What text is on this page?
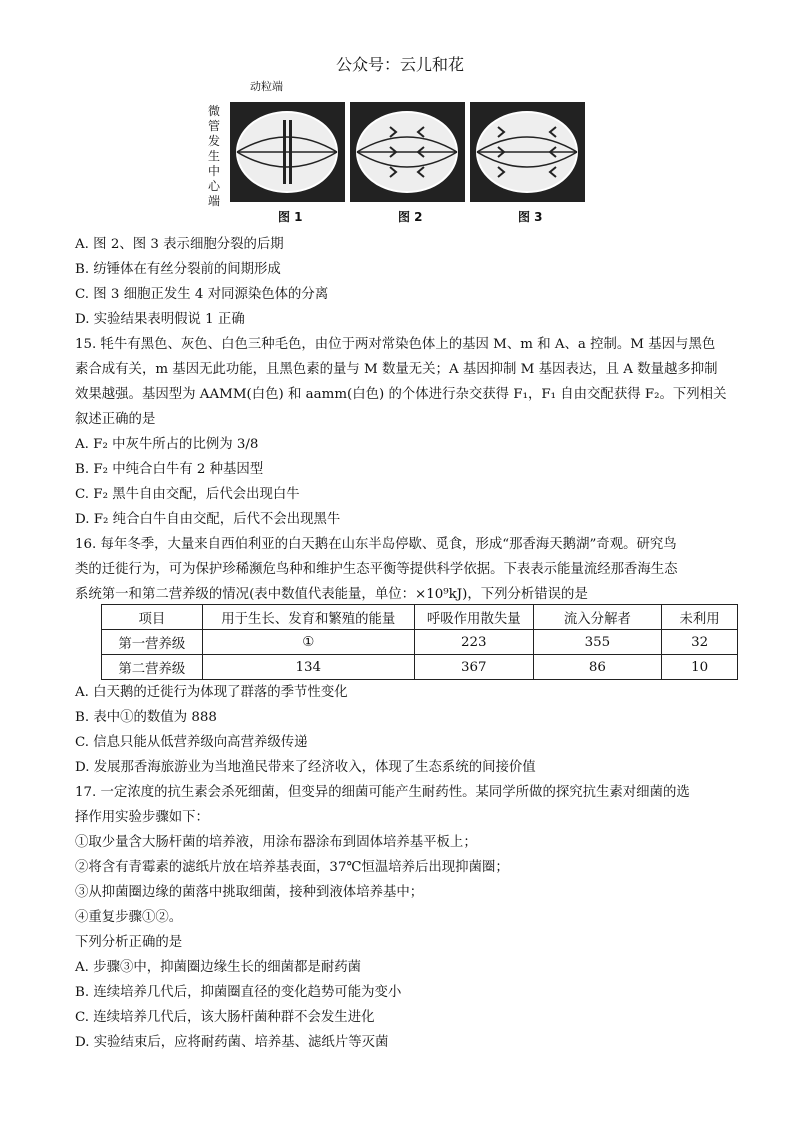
公众号：云儿和花
动粒端
微管发生中心端
图 1	图 2	图 3
A. 图 2、图 3 表示细胞分裂的后期
B. 纺锤体在有丝分裂前的间期形成
C. 图 3 细胞正发生 4 对同源染色体的分离
D. 实验结果表明假说 1 正确
15. 牦牛有黑色、灰色、白色三种毛色，由位于两对常染色体上的基因 M、m 和 A、a 控制。M 基因与黑色
素合成有关，m 基因无此功能，且黑色素的量与 M 数量无关；A 基因抑制 M 基因表达，且 A 数量越多抑制
效果越强。基因型为 AAMM(白色) 和 aamm(白色) 的个体进行杂交获得 F₁，F₁ 自由交配获得 F₂。下列相关
叙述正确的是
A. F₂ 中灰牛所占的比例为 3/8
B. F₂ 中纯合白牛有 2 种基因型
C. F₂ 黑牛自由交配，后代会出现白牛
D. F₂ 纯合白牛自由交配，后代不会出现黑牛
16. 每年冬季，大量来自西伯利亚的白天鹅在山东半岛停歇、觅食，形成“那香海天鹅湖”奇观。研究鸟
类的迁徙行为，可为保护珍稀濒危鸟种和维护生态平衡等提供科学依据。下表表示能量流经那香海生态
系统第一和第二营养级的情况(表中数值代表能量，单位：×10⁹kJ)，下列分析错误的是
项目	用于生长、发育和繁殖的能量	呼吸作用散失量	流入分解者	未利用
第一营养级	①	223	355	32
第二营养级	134	367	86	10
A. 白天鹅的迁徙行为体现了群落的季节性变化
B. 表中①的数值为 888
C. 信息只能从低营养级向高营养级传递
D. 发展那香海旅游业为当地渔民带来了经济收入，体现了生态系统的间接价值
17. 一定浓度的抗生素会杀死细菌，但变异的细菌可能产生耐药性。某同学所做的探究抗生素对细菌的选
择作用实验步骤如下：
①取少量含大肠杆菌的培养液，用涂布器涂布到固体培养基平板上；
②将含有青霉素的滤纸片放在培养基表面，37℃恒温培养后出现抑菌圈；
③从抑菌圈边缘的菌落中挑取细菌，接种到液体培养基中；
④重复步骤①②。
下列分析正确的是
A. 步骤③中，抑菌圈边缘生长的细菌都是耐药菌
B. 连续培养几代后，抑菌圈直径的变化趋势可能为变小
C. 连续培养几代后，该大肠杆菌种群不会发生进化
D. 实验结束后，应将耐药菌、培养基、滤纸片等灭菌
